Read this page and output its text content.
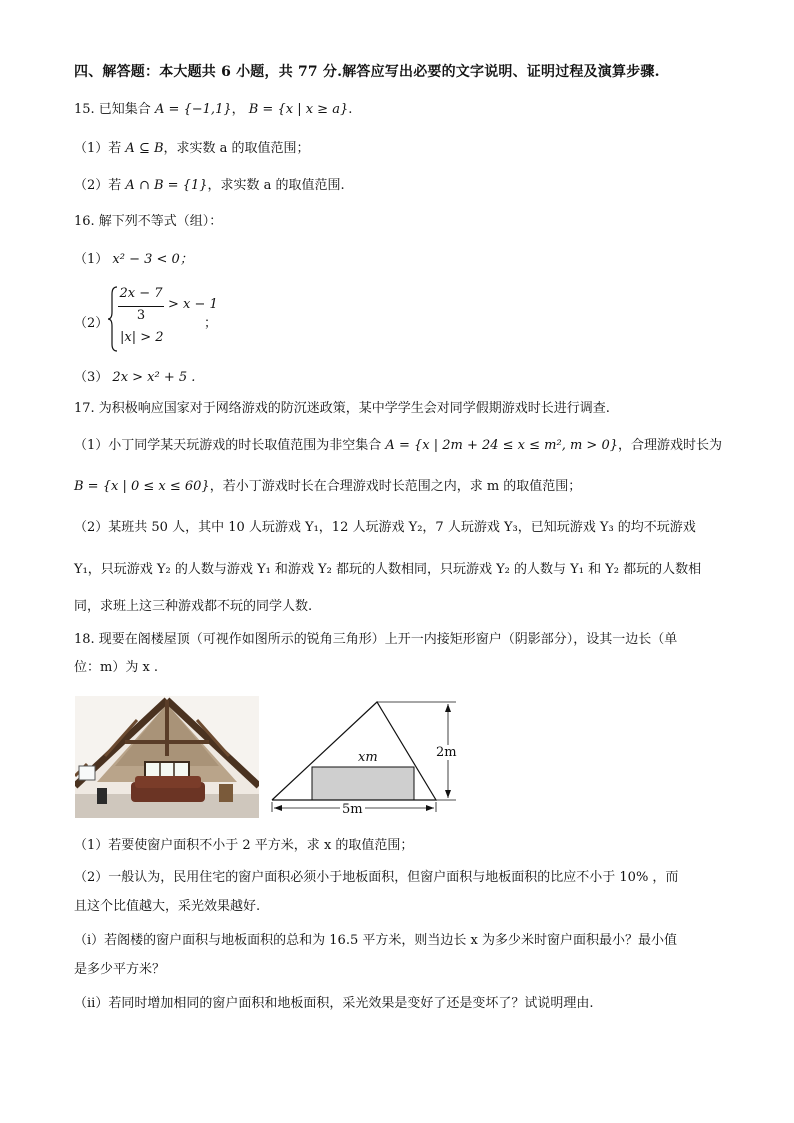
四、解答题：本大题共 6 小题，共 77 分.解答应写出必要的文字说明、证明过程及演算步骤.
15. 已知集合 A = {−1,1}， B = {x | x ≥ a}.
（1）若 A ⊆ B，求实数 a 的取值范围；
（2）若 A ∩ B = {1}，求实数 a 的取值范围.
16. 解下列不等式（组）：
（1） x² − 3 < 0；
（2）
2x − 7
3
> x − 1
|x| > 2
；
（3） 2x > x² + 5 .
17. 为积极响应国家对于网络游戏的防沉迷政策，某中学学生会对同学假期游戏时长进行调查.
（1）小丁同学某天玩游戏的时长取值范围为非空集合 A = {x | 2m + 24 ≤ x ≤ m², m > 0}，合理游戏时长为
B = {x | 0 ≤ x ≤ 60}，若小丁游戏时长在合理游戏时长范围之内，求 m 的取值范围；
（2）某班共 50 人，其中 10 人玩游戏 Y₁，12 人玩游戏 Y₂，7 人玩游戏 Y₃，已知玩游戏 Y₃ 的均不玩游戏
Y₁，只玩游戏 Y₂ 的人数与游戏 Y₁ 和游戏 Y₂ 都玩的人数相同，只玩游戏 Y₂ 的人数与 Y₁ 和 Y₂ 都玩的人数相
同，求班上这三种游戏都不玩的同学人数.
18. 现要在阁楼屋顶（可视作如图所示的锐角三角形）上开一内接矩形窗户（阴影部分），设其一边长（单
位：m）为 x .
xm	2m
5m
（1）若要使窗户面积不小于 2 平方米，求 x 的取值范围；
（2）一般认为，民用住宅的窗户面积必须小于地板面积，但窗户面积与地板面积的比应不小于 10% ，而
且这个比值越大，采光效果越好.
（i）若阁楼的窗户面积与地板面积的总和为 16.5 平方米，则当边长 x 为多少米时窗户面积最小？最小值
是多少平方米？
（ii）若同时增加相同的窗户面积和地板面积，采光效果是变好了还是变坏了？试说明理由.
